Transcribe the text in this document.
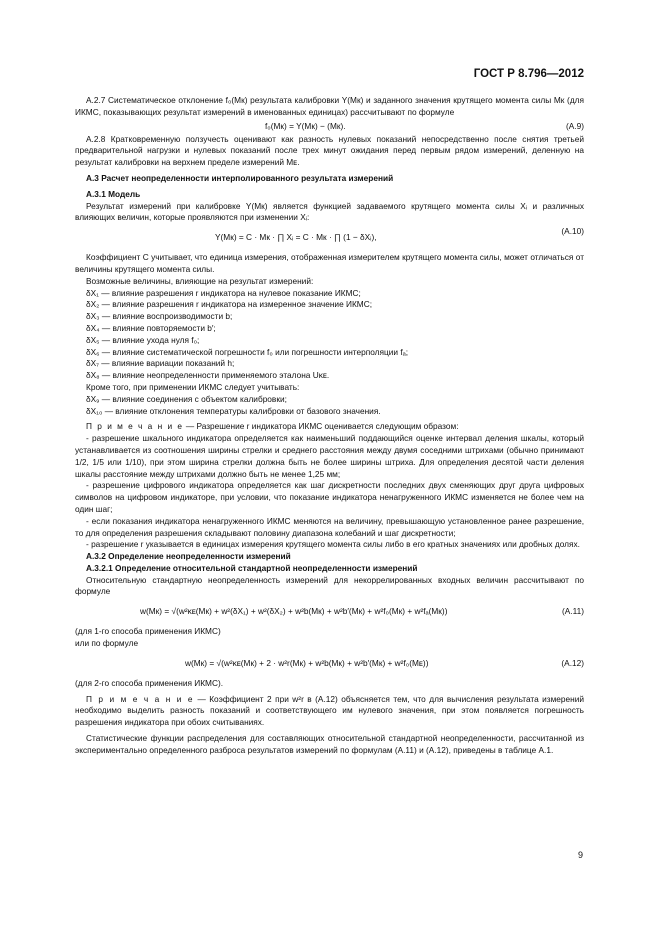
ГОСТ Р 8.796—2012

А.2.7 Систематическое отклонение f₀(Mк) результата калибровки Y(Mк) и заданного значения крутящего момента силы Mк (для ИКМС, показывающих результат измерений в именованных единицах) рассчитывают по формуле

f₀(Mк) = Y(Mк) − (Mк).	(А.9)

А.2.8 Кратковременную ползучесть оценивают как разность нулевых показаний непосредственно после снятия третьей предварительной нагрузки и нулевых показаний после трех минут ожидания перед первым рядом измерений, деленную на результат калибровки на верхнем пределе измерений Mᴇ.

А.3 Расчет неопределенности интерполированного результата измерений

А.3.1 Модель

Результат измерений при калибровке Y(Mк) является функцией задаваемого крутящего момента силы Xᵢ и различных влияющих величин, которые проявляются при изменении Xᵢ:

Y(Mк) = C · Mк · ∏ Xᵢ = C · Mк · ∏ (1 − δXᵢ),
(А.10)

Коэффициент C учитывает, что единица измерения, отображенная измерителем крутящего момента силы, может отличаться от величины крутящего момента силы.

Возможные величины, влияющие на результат измерений:

δX₁ — влияние разрешения r индикатора на нулевое показание ИКМС;

δX₂ — влияние разрешения r индикатора на измеренное значение ИКМС;

δX₃ — влияние воспроизводимости b;

δX₄ — влияние повторяемости b′;

δX₅ — влияние ухода нуля f₀;

δX₆ — влияние систематической погрешности f₀ или погрешности интерполяции fₐ;

δX₇ — влияние вариации показаний h;

δX₈ — влияние неопределенности применяемого эталона Uᴋᴇ.

Кроме того, при применении ИКМС следует учитывать:

δX₉ — влияние соединения с объектом калибровки;

δX₁₀ — влияние отклонения температуры калибровки от базового значения.

П р и м е ч а н и е — Разрешение r индикатора ИКМС оценивается следующим образом:

- разрешение шкального индикатора определяется как наименьший поддающийся оценке интервал деления шкалы, который устанавливается из соотношения ширины стрелки и среднего расстояния между двумя соседними штрихами (обычно принимают 1/2, 1/5 или 1/10), при этом ширина стрелки должна быть не более ширины штриха. Для определения десятой части деления шкалы расстояние между штрихами должно быть не менее 1,25 мм;

- разрешение цифрового индикатора определяется как шаг дискретности последних двух сменяющих друг друга цифровых символов на цифровом индикаторе, при условии, что показание индикатора ненагруженного ИКМС изменяется не более чем на один шаг;

- если показания индикатора ненагруженного ИКМС меняются на величину, превышающую установленное ранее разрешение, то для определения разрешения складывают половину диапазона колебаний и шаг дискретности;

- разрешение r указывается в единицах измерения крутящего момента силы либо в его кратных значениях или дробных долях.

А.3.2 Определение неопределенности измерений

А.3.2.1 Определение относительной стандартной неопределенности измерений

Относительную стандартную неопределенность измерений для некоррелированных входных величин рассчитывают по формуле

w(Mк) = √(w²ᴋᴇ(Mк) + w²(δX₁) + w²(δX₂) + w²b(Mк) + w²b′(Mк) + w²f₀(Mк) + w²fₐ(Mк))	(А.11)

(для 1-го способа применения ИКМС)

или по формуле

w(Mк) = √(w²ᴋᴇ(Mк) + 2 · w²r(Mк) + w²b(Mк) + w²b′(Mк) + w²f₀(Mᴇ))	(А.12)

(для 2-го способа применения ИКМС).

П р и м е ч а н и е — Коэффициент 2 при w²r в (А.12) объясняется тем, что для вычисления результата измерений необходимо выделить разность показаний и соответствующего им нулевого значения, при этом появляется погрешность разрешения индикатора при обоих считываниях.

Статистические функции распределения для составляющих относительной стандартной неопределенности, рассчитанной из экспериментально определенного разброса результатов измерений по формулам (А.11) и (А.12), приведены в таблице А.1.

9
